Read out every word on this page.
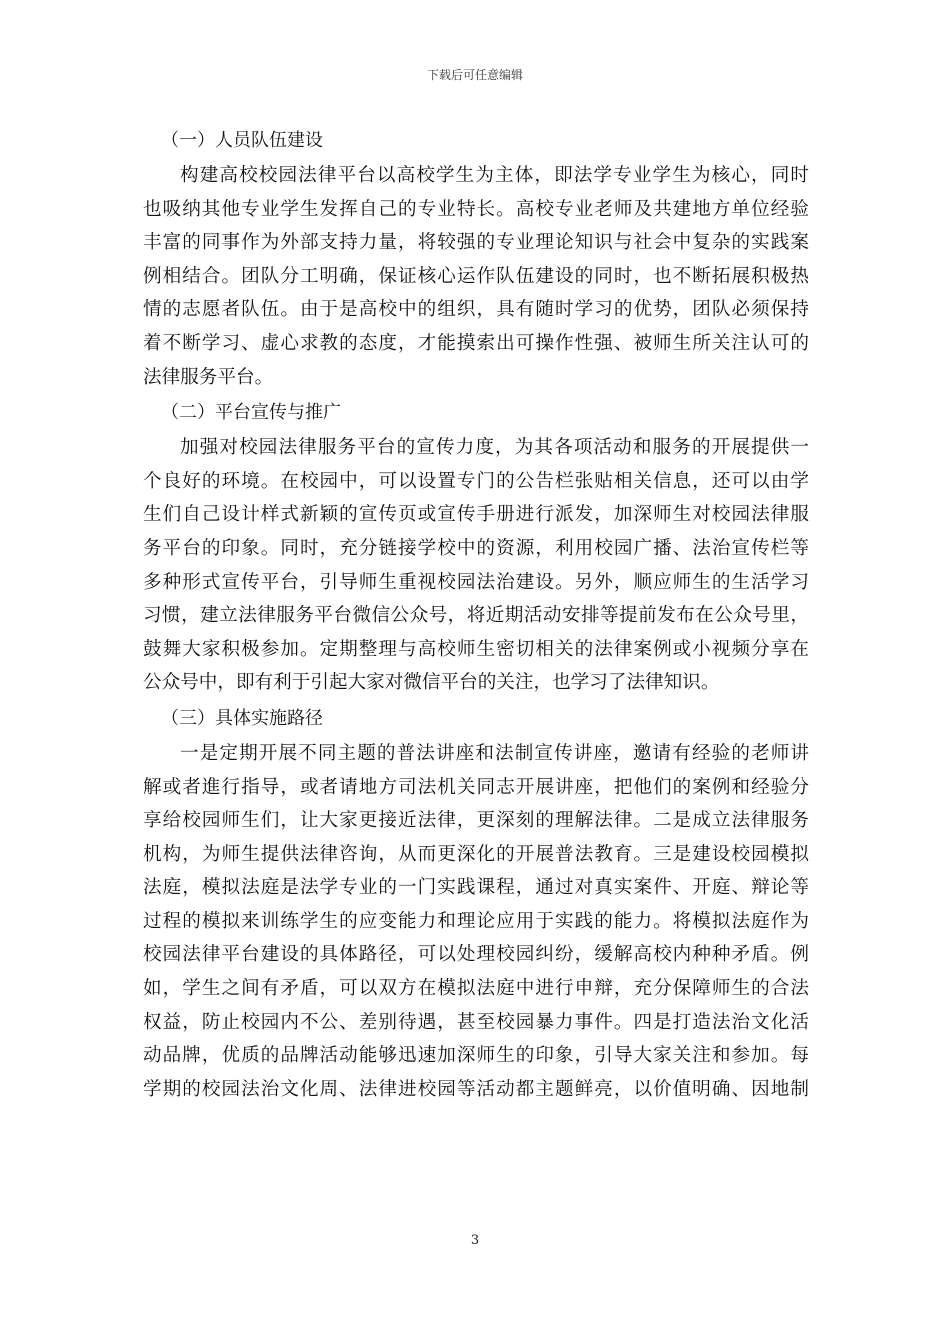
下载后可任意编辑
（一）人员队伍建设
构建高校校园法律平台以高校学生为主体，即法学专业学生为核心，同时
也吸纳其他专业学生发挥自己的专业特长。高校专业老师及共建地方单位经验
丰富的同事作为外部支持力量，将较强的专业理论知识与社会中复杂的实践案
例相结合。团队分工明确，保证核心运作队伍建设的同时，也不断拓展积极热
情的志愿者队伍。由于是高校中的组织，具有随时学习的优势，团队必须保持
着不断学习、虚心求教的态度，才能摸索出可操作性强、被师生所关注认可的
法律服务平台。
（二）平台宣传与推广
加强对校园法律服务平台的宣传力度，为其各项活动和服务的开展提供一
个良好的环境。在校园中，可以设置专门的公告栏张贴相关信息，还可以由学
生们自己设计样式新颖的宣传页或宣传手册进行派发，加深师生对校园法律服
务平台的印象。同时，充分链接学校中的资源，利用校园广播、法治宣传栏等
多种形式宣传平台，引导师生重视校园法治建设。另外，顺应师生的生活学习
习惯，建立法律服务平台微信公众号，将近期活动安排等提前发布在公众号里，
鼓舞大家积极参加。定期整理与高校师生密切相关的法律案例或小视频分享在
公众号中，即有利于引起大家对微信平台的关注，也学习了法律知识。
（三）具体实施路径
一是定期开展不同主题的普法讲座和法制宣传讲座，邀请有经验的老师讲
解或者進行指导，或者请地方司法机关同志开展讲座，把他们的案例和经验分
享给校园师生们，让大家更接近法律，更深刻的理解法律。二是成立法律服务
机构，为师生提供法律咨询，从而更深化的开展普法教育。三是建设校园模拟
法庭，模拟法庭是法学专业的一门实践课程，通过对真实案件、开庭、辩论等
过程的模拟来训练学生的应变能力和理论应用于实践的能力。将模拟法庭作为
校园法律平台建设的具体路径，可以处理校园纠纷，缓解高校内种种矛盾。例
如，学生之间有矛盾，可以双方在模拟法庭中进行申辩，充分保障师生的合法
权益，防止校园内不公、差别待遇，甚至校园暴力事件。四是打造法治文化活
动品牌，优质的品牌活动能够迅速加深师生的印象，引导大家关注和参加。每
学期的校园法治文化周、法律进校园等活动都主题鲜亮，以价值明确、因地制
3
